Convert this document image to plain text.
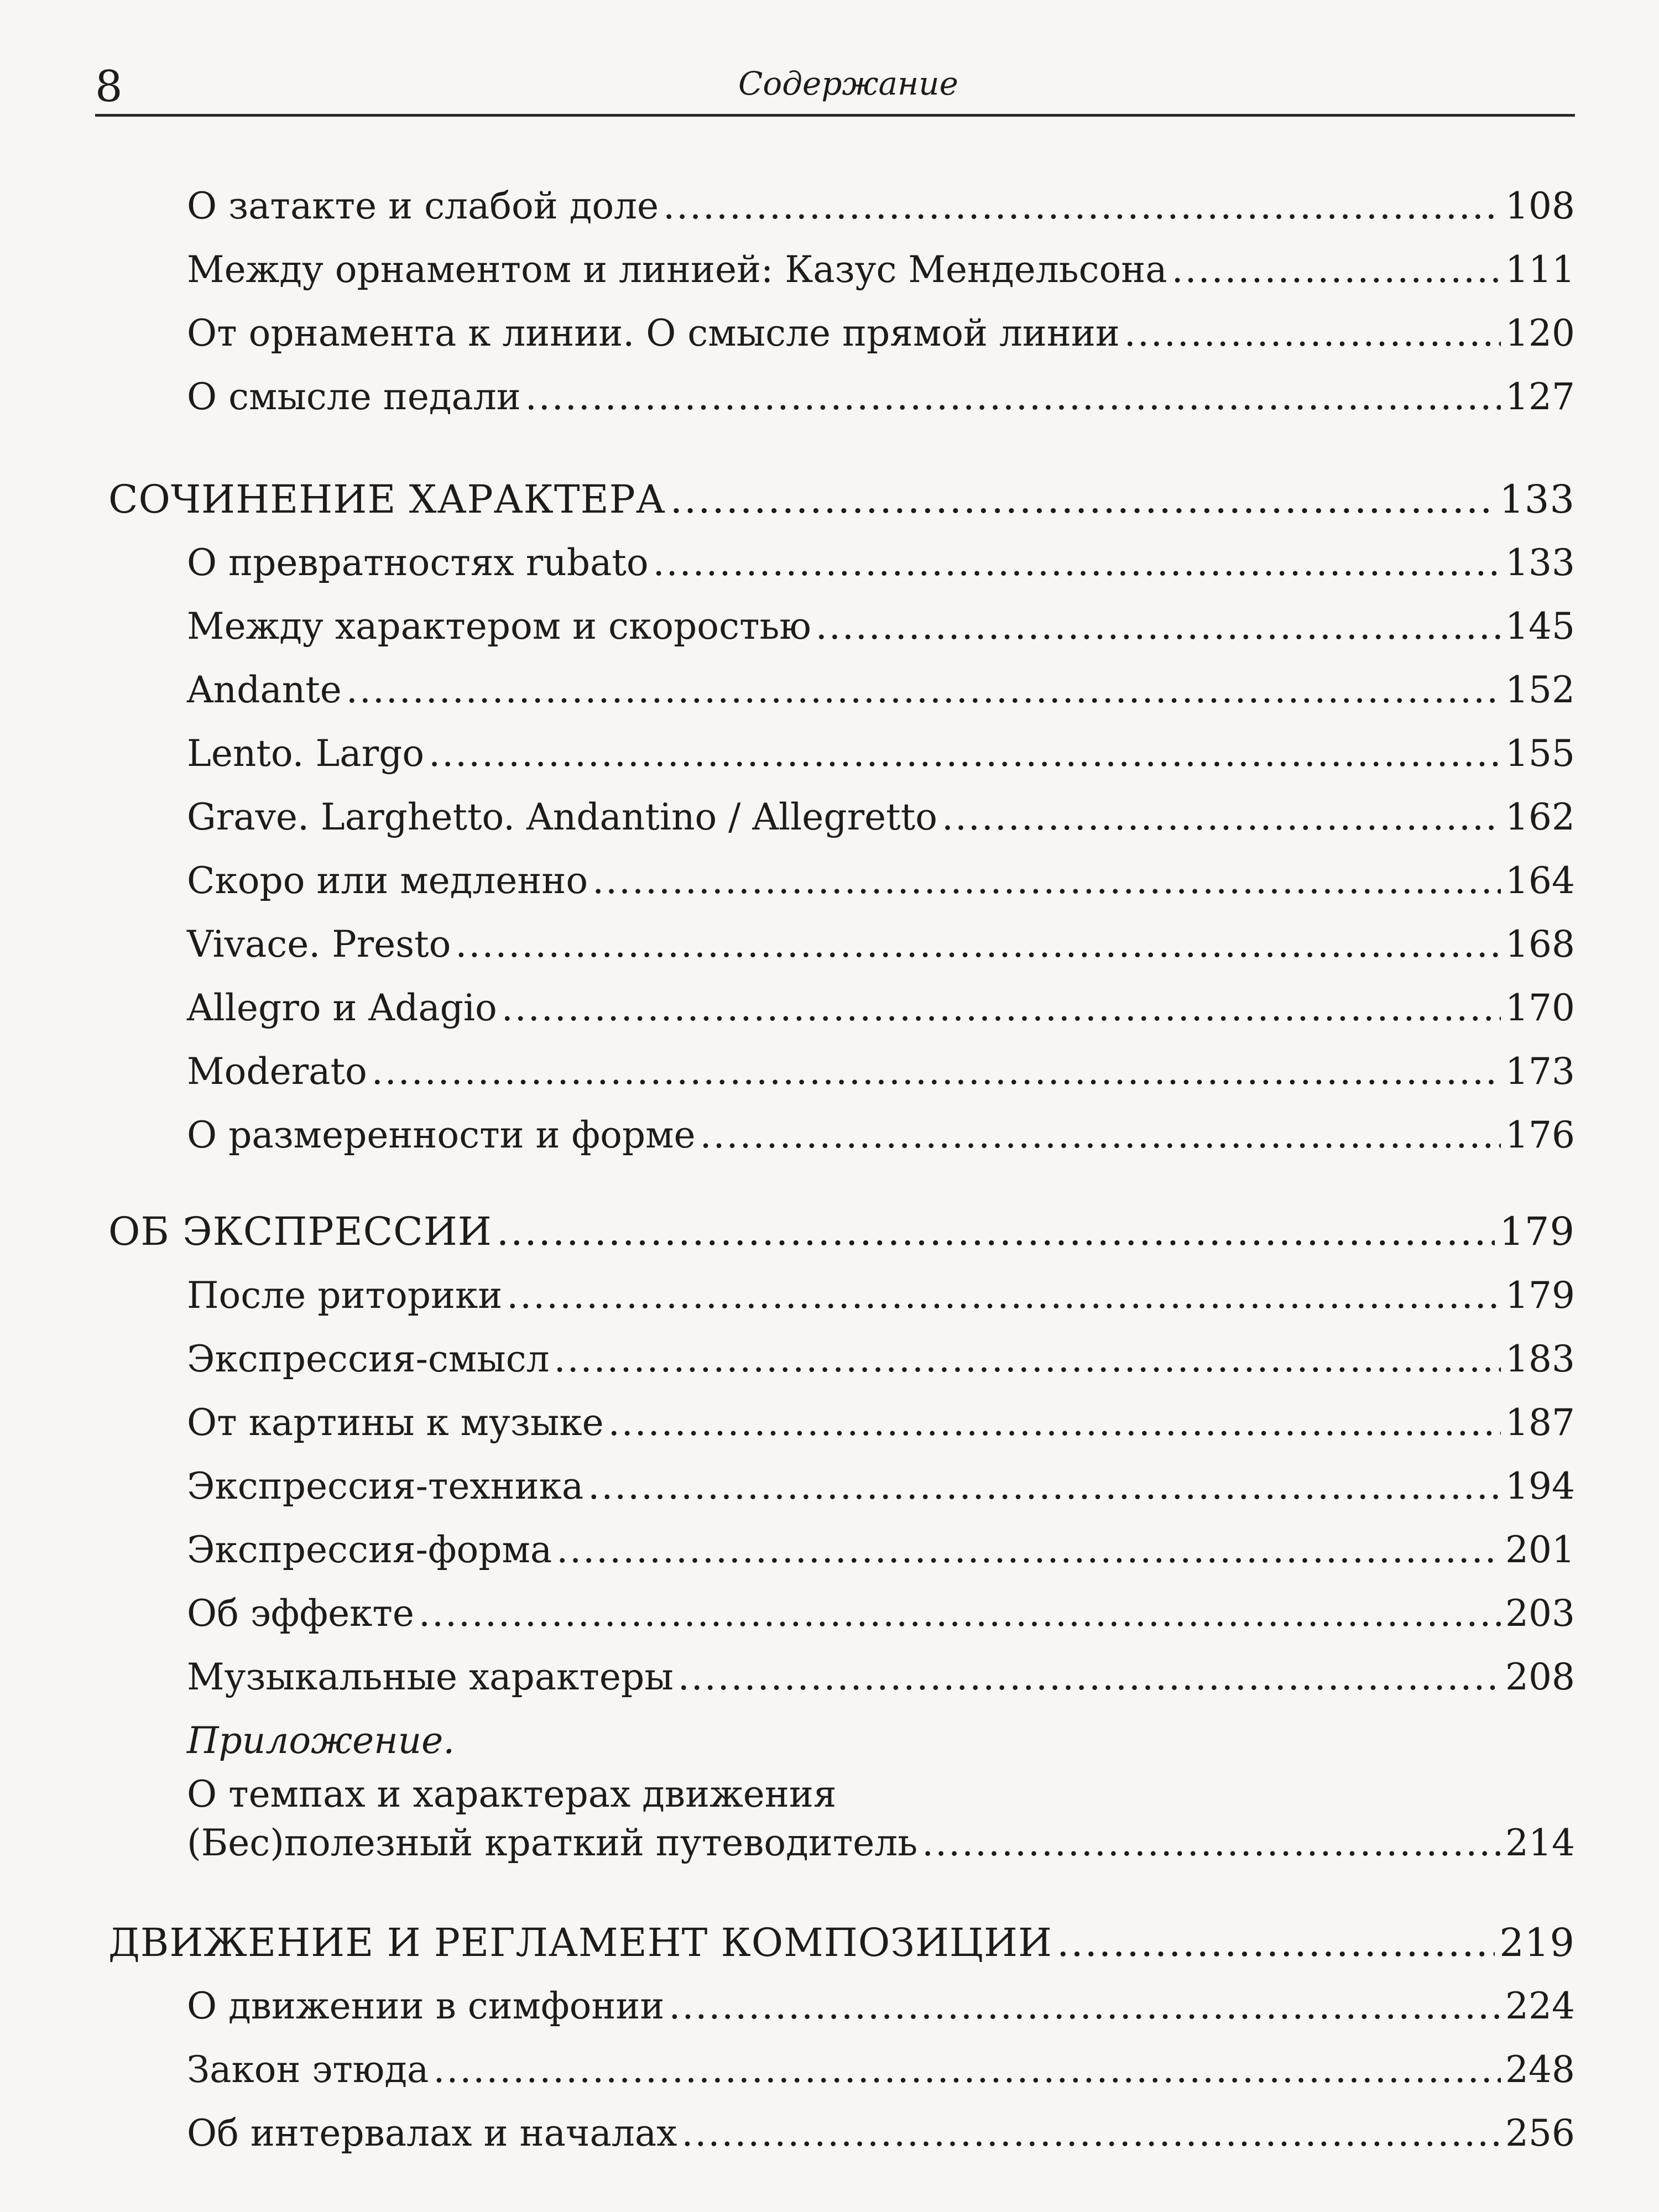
8	Содержание
О затакте и слабой доле .....	108
Между орнаментом и линией: Казус Мендельсона .....	111
От орнамента к линии. О смысле прямой линии .....	120
О смысле педали .....	127
СОЧИНЕНИЕ ХАРАКТЕРА .....	133
О превратностях rubato .....	133
Между характером и скоростью .....	145
Andante .....	152
Lento. Largo .....	155
Grave. Larghetto. Andantino / Allegretto .....	162
Скоро или медленно .....	164
Vivace. Presto .....	168
Allegro и Adagio .....	170
Moderato .....	173
О размеренности и форме .....	176
ОБ ЭКСПРЕССИИ .....	179
После риторики .....	179
Экспрессия-смысл .....	183
От картины к музыке .....	187
Экспрессия-техника .....	194
Экспрессия-форма .....	201
Об эффекте .....	203
Музыкальные характеры .....	208
Приложение.
О темпах и характерах движения
(Бес)полезный краткий путеводитель .....	214
ДВИЖЕНИЕ И РЕГЛАМЕНТ КОМПОЗИЦИИ .....	219
О движении в симфонии .....	224
Закон этюда .....	248
Об интервалах и началах .....	256
